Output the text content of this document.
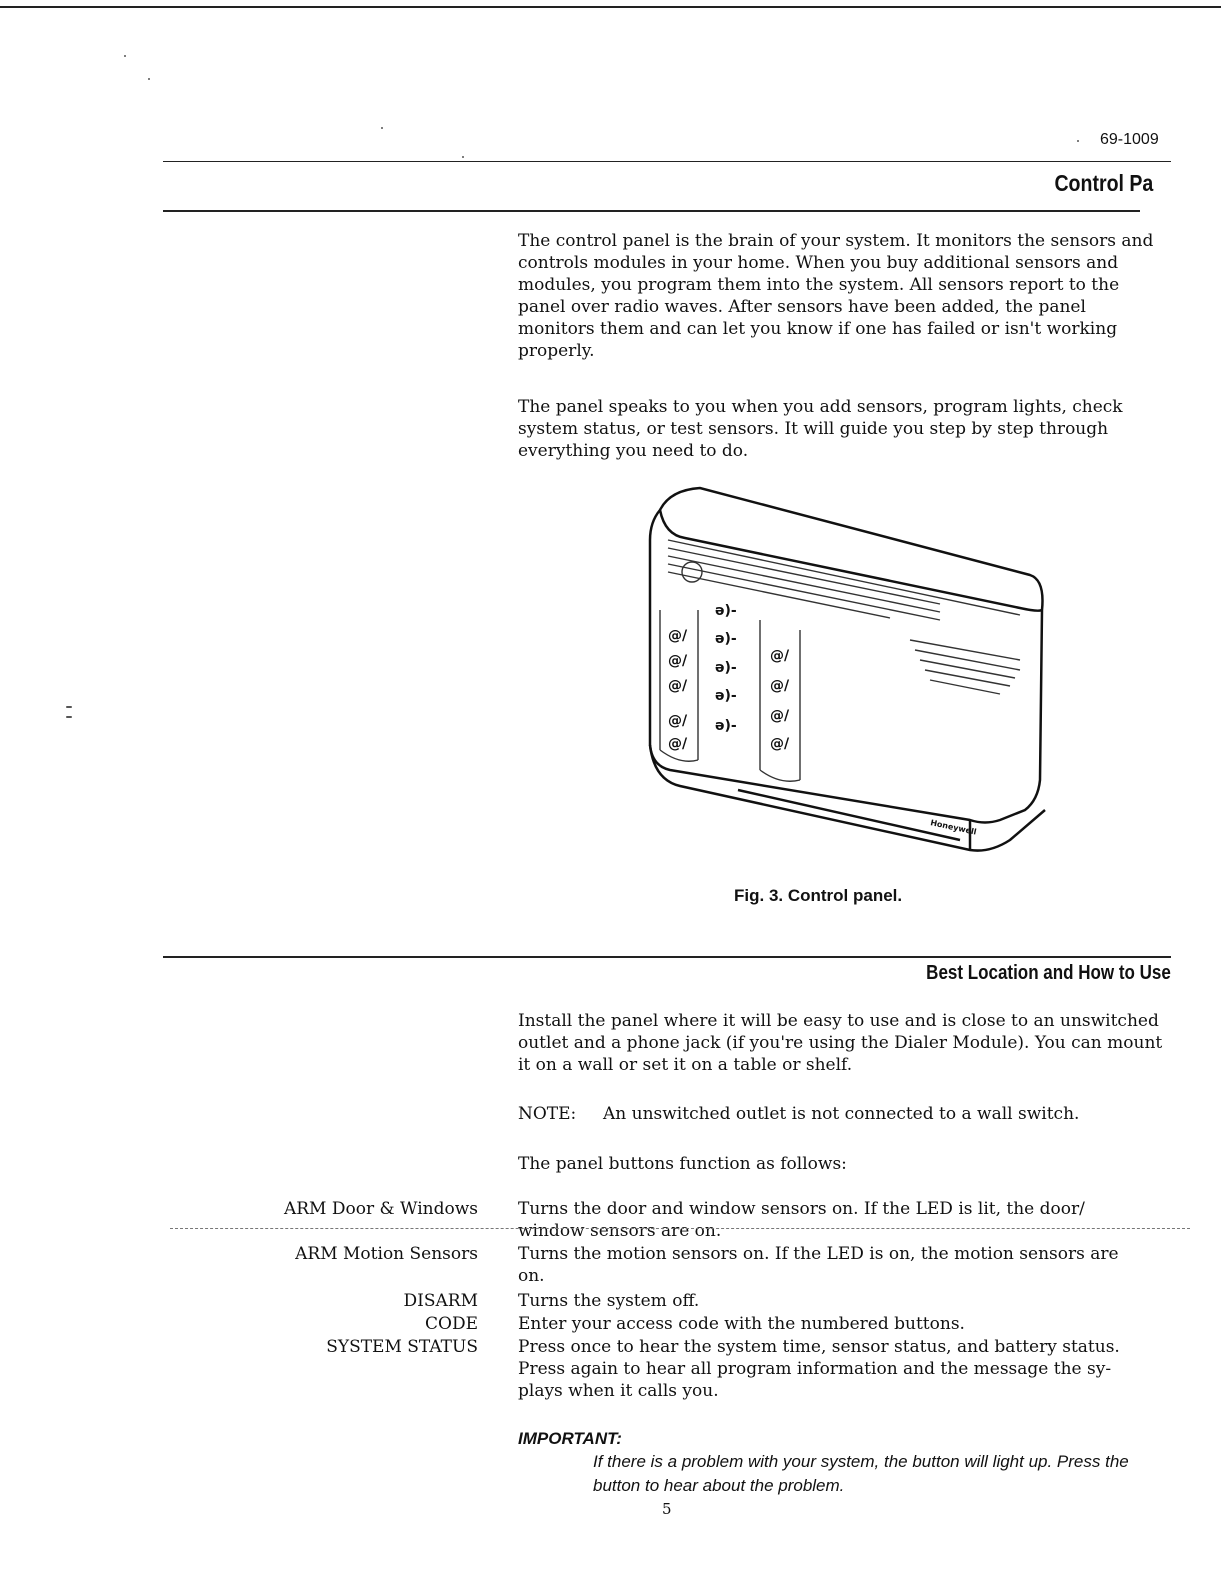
69-1009
Control Pa
The control panel is the brain of your system. It monitors the sensors and controls modules in your home. When you buy additional sensors and modules, you program them into the system. All sensors report to the panel over radio waves. After sensors have been added, the panel monitors them and can let you know if one has failed or isn't working properly.
The panel speaks to you when you add sensors, program lights, check system status, or test sensors. It will guide you step by step through everything you need to do.
@/
@/
@/
@/
@/
ə)-
ə)-
ə)-
ə)-
ə)-
@/
@/
@/
@/
Honeywell
Fig. 3. Control panel.
Best Location and How to Use
Install the panel where it will be easy to use and is close to an unswitched outlet and a phone jack (if you're using the Dialer Module). You can mount it on a wall or set it on a table or shelf.
NOTE: An unswitched outlet is not connected to a wall switch.
The panel buttons function as follows:
ARM Door & Windows Turns the door and window sensors on. If the LED is lit, the door/ window sensors are on.
ARM Motion Sensors Turns the motion sensors on. If the LED is on, the motion sensors are on.
DISARM Turns the system off.
CODE Enter your access code with the numbered buttons.
SYSTEM STATUS Press once to hear the system time, sensor status, and battery status. Press again to hear all program information and the message the sy- plays when it calls you.
IMPORTANT:
If there is a problem with your system, the button will light up. Press the button to hear about the problem.
5
